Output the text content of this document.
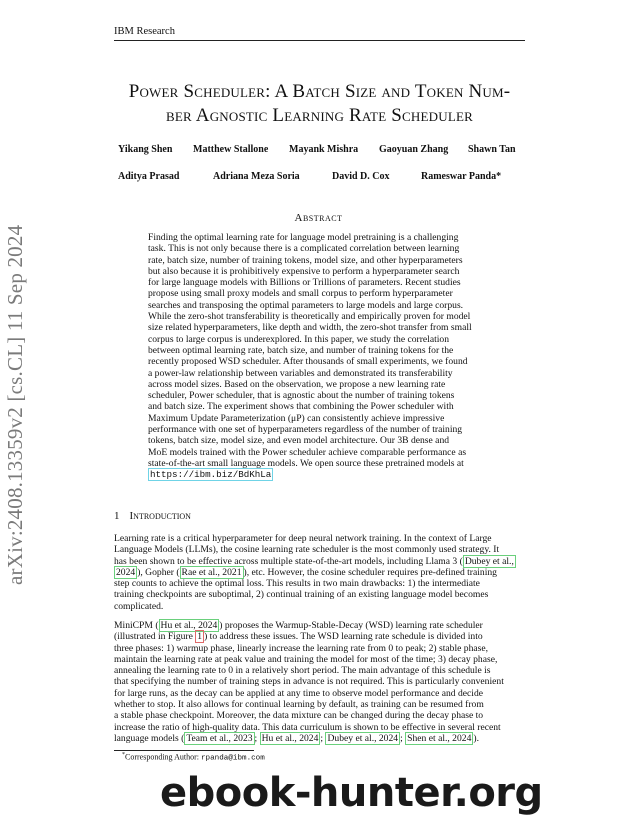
IBM Research
arXiv:2408.13359v2 [cs.CL] 11 Sep 2024
Power Scheduler: A Batch Size and Token Num-
ber Agnostic Learning Rate Scheduler
Yikang Shen Matthew Stallone Mayank Mishra Gaoyuan Zhang Shawn Tan
Aditya Prasad	Adriana Meza Soria	David D. Cox	Rameswar Panda*
Abstract
Finding the optimal learning rate for language model pretraining is a challenging
task. This is not only because there is a complicated correlation between learning
rate, batch size, number of training tokens, model size, and other hyperparameters
but also because it is prohibitively expensive to perform a hyperparameter search
for large language models with Billions or Trillions of parameters. Recent studies
propose using small proxy models and small corpus to perform hyperparameter
searches and transposing the optimal parameters to large models and large corpus.
While the zero-shot transferability is theoretically and empirically proven for model
size related hyperparameters, like depth and width, the zero-shot transfer from small
corpus to large corpus is underexplored. In this paper, we study the correlation
between optimal learning rate, batch size, and number of training tokens for the
recently proposed WSD scheduler. After thousands of small experiments, we found
a power-law relationship between variables and demonstrated its transferability
across model sizes. Based on the observation, we propose a new learning rate
scheduler, Power scheduler, that is agnostic about the number of training tokens
and batch size. The experiment shows that combining the Power scheduler with
Maximum Update Parameterization (μP) can consistently achieve impressive
performance with one set of hyperparameters regardless of the number of training
tokens, batch size, model size, and even model architecture. Our 3B dense and
MoE models trained with the Power scheduler achieve comparable performance as
state-of-the-art small language models. We open source these pretrained models at
https://ibm.biz/BdKhLa
1 Introduction
Learning rate is a critical hyperparameter for deep neural network training. In the context of Large
Language Models (LLMs), the cosine learning rate scheduler is the most commonly used strategy. It
has been shown to be effective across multiple state-of-the-art models, including Llama 3 ( Dubey et al.,
2024 ), Gopher ( Rae et al., 2021 ), etc. However, the cosine scheduler requires pre-defined training
step counts to achieve the optimal loss. This results in two main drawbacks: 1) the intermediate
training checkpoints are suboptimal, 2) continual training of an existing language model becomes
complicated.
MiniCPM ( Hu et al., 2024 ) proposes the Warmup-Stable-Decay (WSD) learning rate scheduler
(illustrated in Figure 1 ) to address these issues. The WSD learning rate schedule is divided into
three phases: 1) warmup phase, linearly increase the learning rate from 0 to peak; 2) stable phase,
maintain the learning rate at peak value and training the model for most of the time; 3) decay phase,
annealing the learning rate to 0 in a relatively short period. The main advantage of this schedule is
that specifying the number of training steps in advance is not required. This is particularly convenient
for large runs, as the decay can be applied at any time to observe model performance and decide
whether to stop. It also allows for continual learning by default, as training can be resumed from
a stable phase checkpoint. Moreover, the data mixture can be changed during the decay phase to
increase the ratio of high-quality data. This data curriculum is shown to be effective in several recent
language models ( Team et al., 2023 ; Hu et al., 2024 ; Dubey et al., 2024 ; Shen et al., 2024 ).
*Corresponding Author: rpanda@ibm.com
ebook-hunter.org
